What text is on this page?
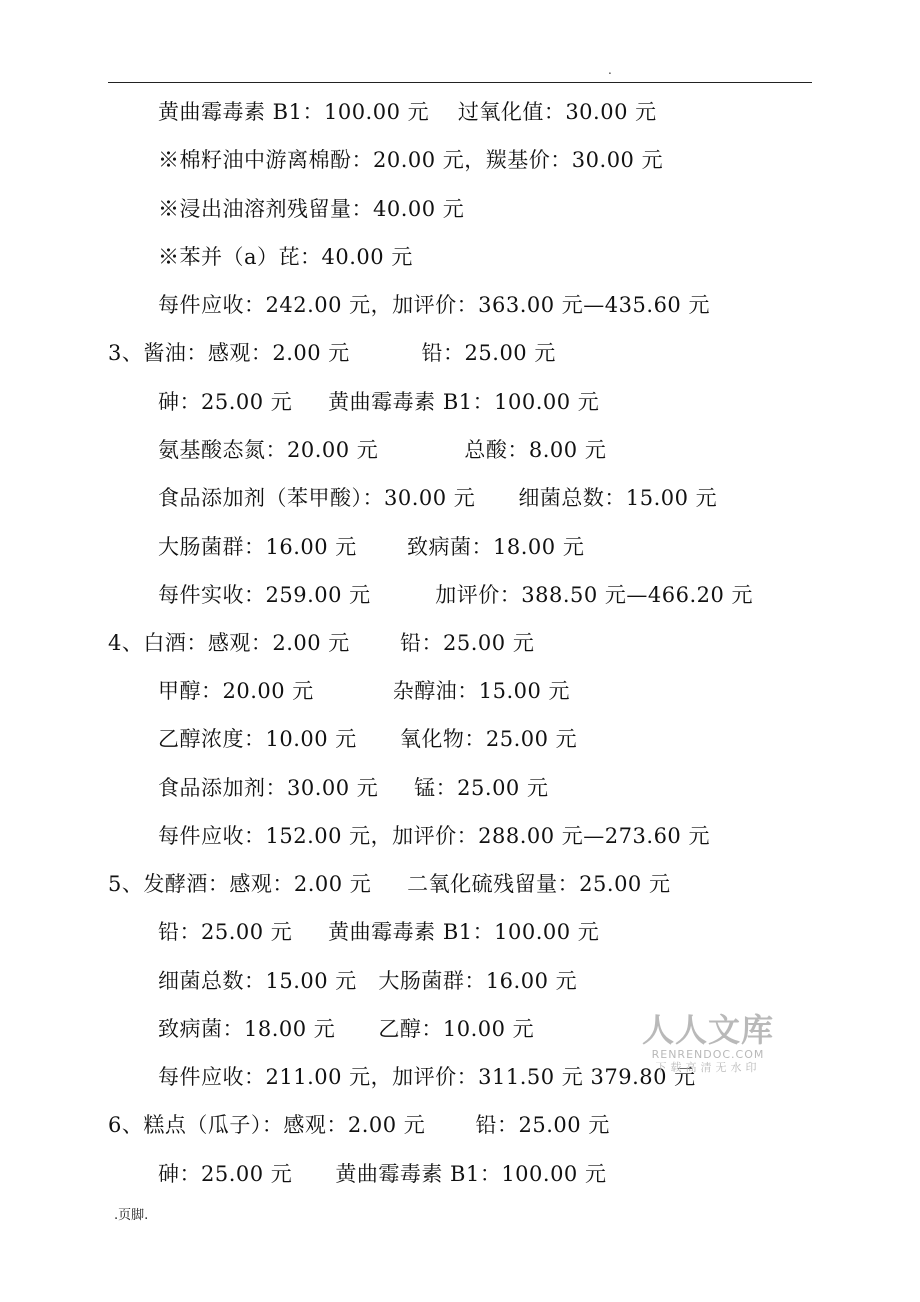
.
黄曲霉毒素 B1：100.00 元    过氧化值：30.00 元
※棉籽油中游离棉酚：20.00 元，羰基价：30.00 元
※浸出油溶剂残留量：40.00 元
※苯并（a）芘：40.00 元
每件应收：242.00 元，加评价：363.00 元—435.60 元
3、酱油：感观：2.00 元          铅：25.00 元
砷：25.00 元     黄曲霉毒素 B1：100.00 元
氨基酸态氮：20.00 元            总酸：8.00 元
食品添加剂（苯甲酸）：30.00 元      细菌总数：15.00 元
大肠菌群：16.00 元       致病菌：18.00 元
每件实收：259.00 元         加评价：388.50 元—466.20 元
4、白酒：感观：2.00 元       铅：25.00 元
甲醇：20.00 元           杂醇油：15.00 元
乙醇浓度：10.00 元      氧化物：25.00 元
食品添加剂：30.00 元     锰：25.00 元
每件应收：152.00 元，加评价：288.00 元—273.60 元
5、发酵酒：感观：2.00 元     二氧化硫残留量：25.00 元
铅：25.00 元     黄曲霉毒素 B1：100.00 元
细菌总数：15.00 元   大肠菌群：16.00 元
致病菌：18.00 元      乙醇：10.00 元
每件应收：211.00 元，加评价：311.50 元 379.80 元
6、糕点（瓜子）：感观：2.00 元       铅：25.00 元
砷：25.00 元      黄曲霉毒素 B1：100.00 元
人人文库
RENRENDOC.COM
下载高清无水印
.页脚.
